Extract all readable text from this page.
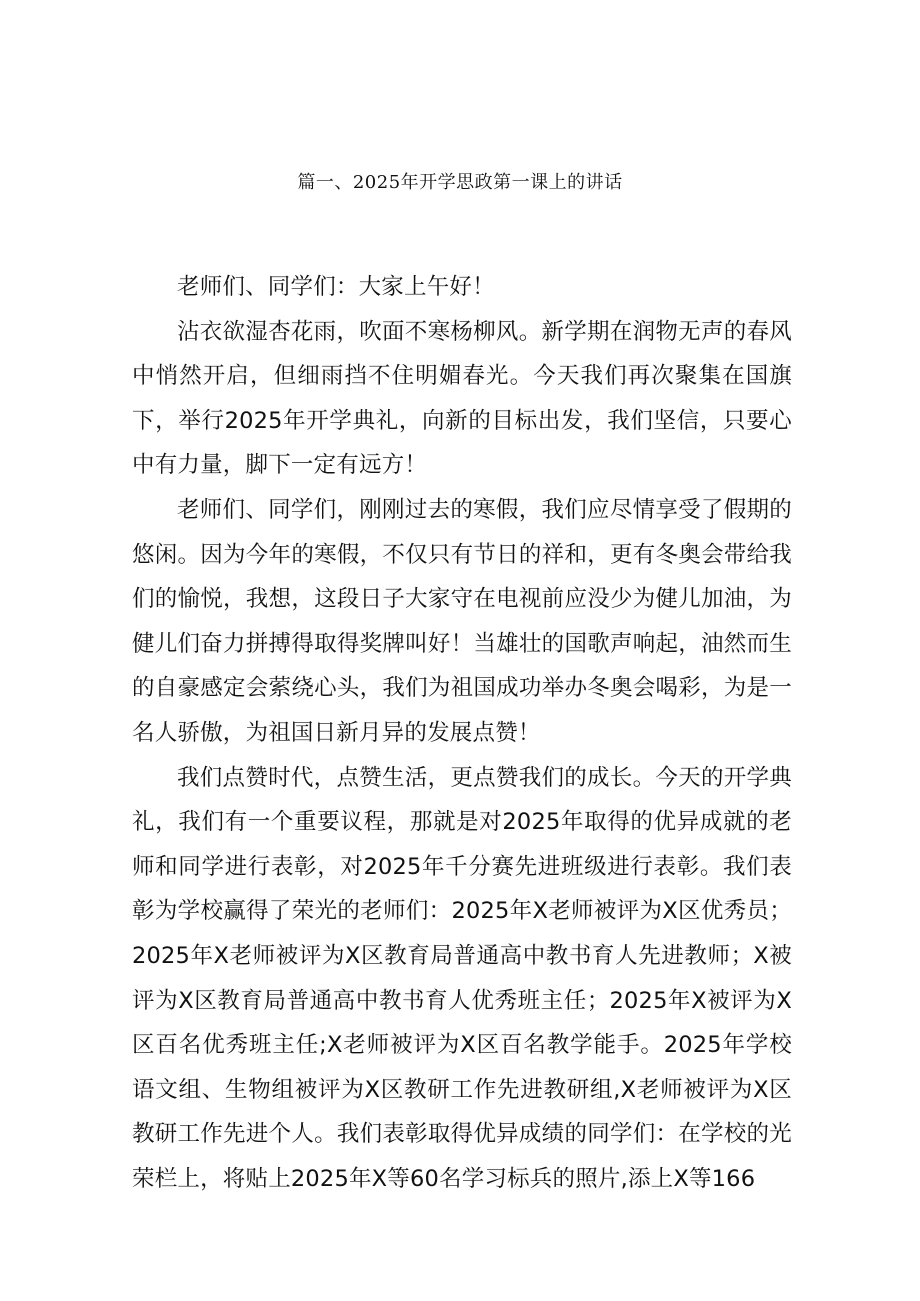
篇一、2025年开学思政第一课上的讲话

老师们、同学们：大家上午好！

沾衣欲湿杏花雨，吹面不寒杨柳风。新学期在润物无声的春风中悄然开启，但细雨挡不住明媚春光。今天我们再次聚集在国旗下，举行2025年开学典礼，向新的目标出发，我们坚信，只要心中有力量，脚下一定有远方！

老师们、同学们，刚刚过去的寒假，我们应尽情享受了假期的悠闲。因为今年的寒假，不仅只有节日的祥和，更有冬奥会带给我们的愉悦，我想，这段日子大家守在电视前应没少为健儿加油，为健儿们奋力拼搏得取得奖牌叫好！当雄壮的国歌声响起，油然而生的自豪感定会萦绕心头，我们为祖国成功举办冬奥会喝彩，为是一名人骄傲，为祖国日新月异的发展点赞！

我们点赞时代，点赞生活，更点赞我们的成长。今天的开学典礼，我们有一个重要议程，那就是对2025年取得的优异成就的老师和同学进行表彰，对2025年千分赛先进班级进行表彰。我们表彰为学校赢得了荣光的老师们：2025年X老师被评为X区优秀员；2025年X老师被评为X区教育局普通高中教书育人先进教师；X被评为X区教育局普通高中教书育人优秀班主任；2025年X被评为X区百名优秀班主任;X老师被评为X区百名教学能手。2025年学校语文组、生物组被评为X区教研工作先进教研组,X老师被评为X区教研工作先进个人。我们表彰取得优异成绩的同学们：在学校的光荣栏上，将贴上2025年X等60名学习标兵的照片,添上X等166
